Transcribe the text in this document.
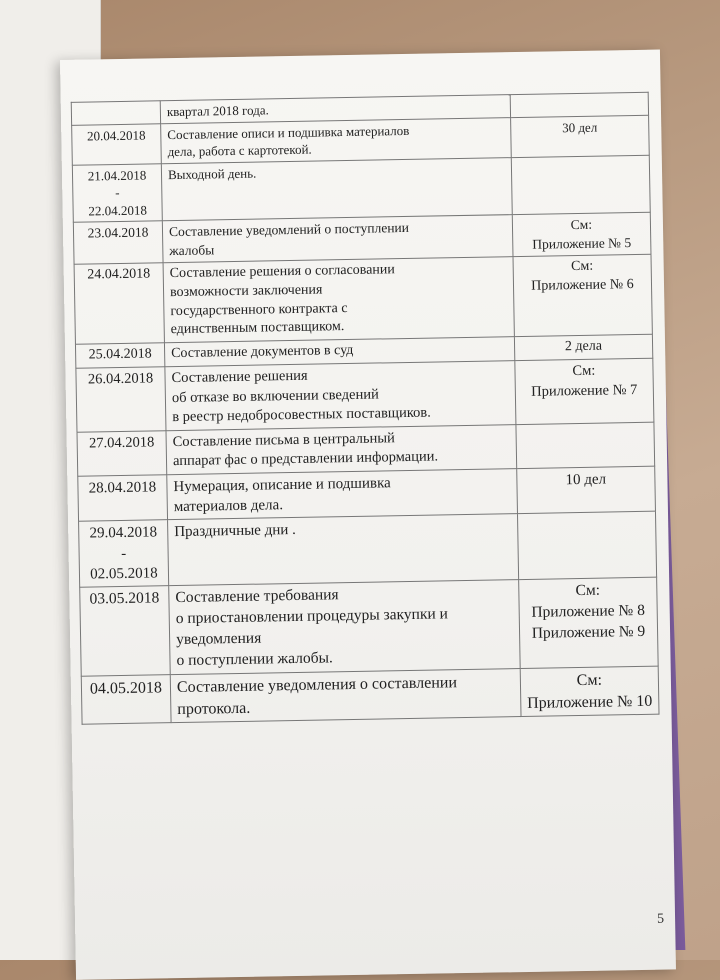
	квартал 2018 года.	

20.04.2018	Составление описи и подшивка материалов
дела, работа с картотекой.	30 дел

21.04.2018
-
22.04.2018	Выходной день.	

23.04.2018	Составление уведомлений о поступлении
жалобы	См:
Приложение № 5

24.04.2018	Составление решения о согласовании
возможности заключения
государственного контракта с
единственным поставщиком.	См:
Приложение № 6

25.04.2018	Составление документов в суд	2 дела

26.04.2018	Составление решения
об отказе во включении сведений
в реестр недобросовестных поставщиков.	См:
Приложение № 7

27.04.2018	Составление письма в центральный
аппарат фас о представлении информации.	

28.04.2018	Нумерация, описание и подшивка
материалов дела.	10 дел

29.04.2018
-
02.05.2018	Праздничные дни .	

03.05.2018	Составление требования
о приостановлении процедуры закупки и
уведомления
о поступлении жалобы.	См:
Приложение № 8
Приложение № 9

04.05.2018	Составление уведомления о составлении
протокола.	См:
Приложение № 10
5
